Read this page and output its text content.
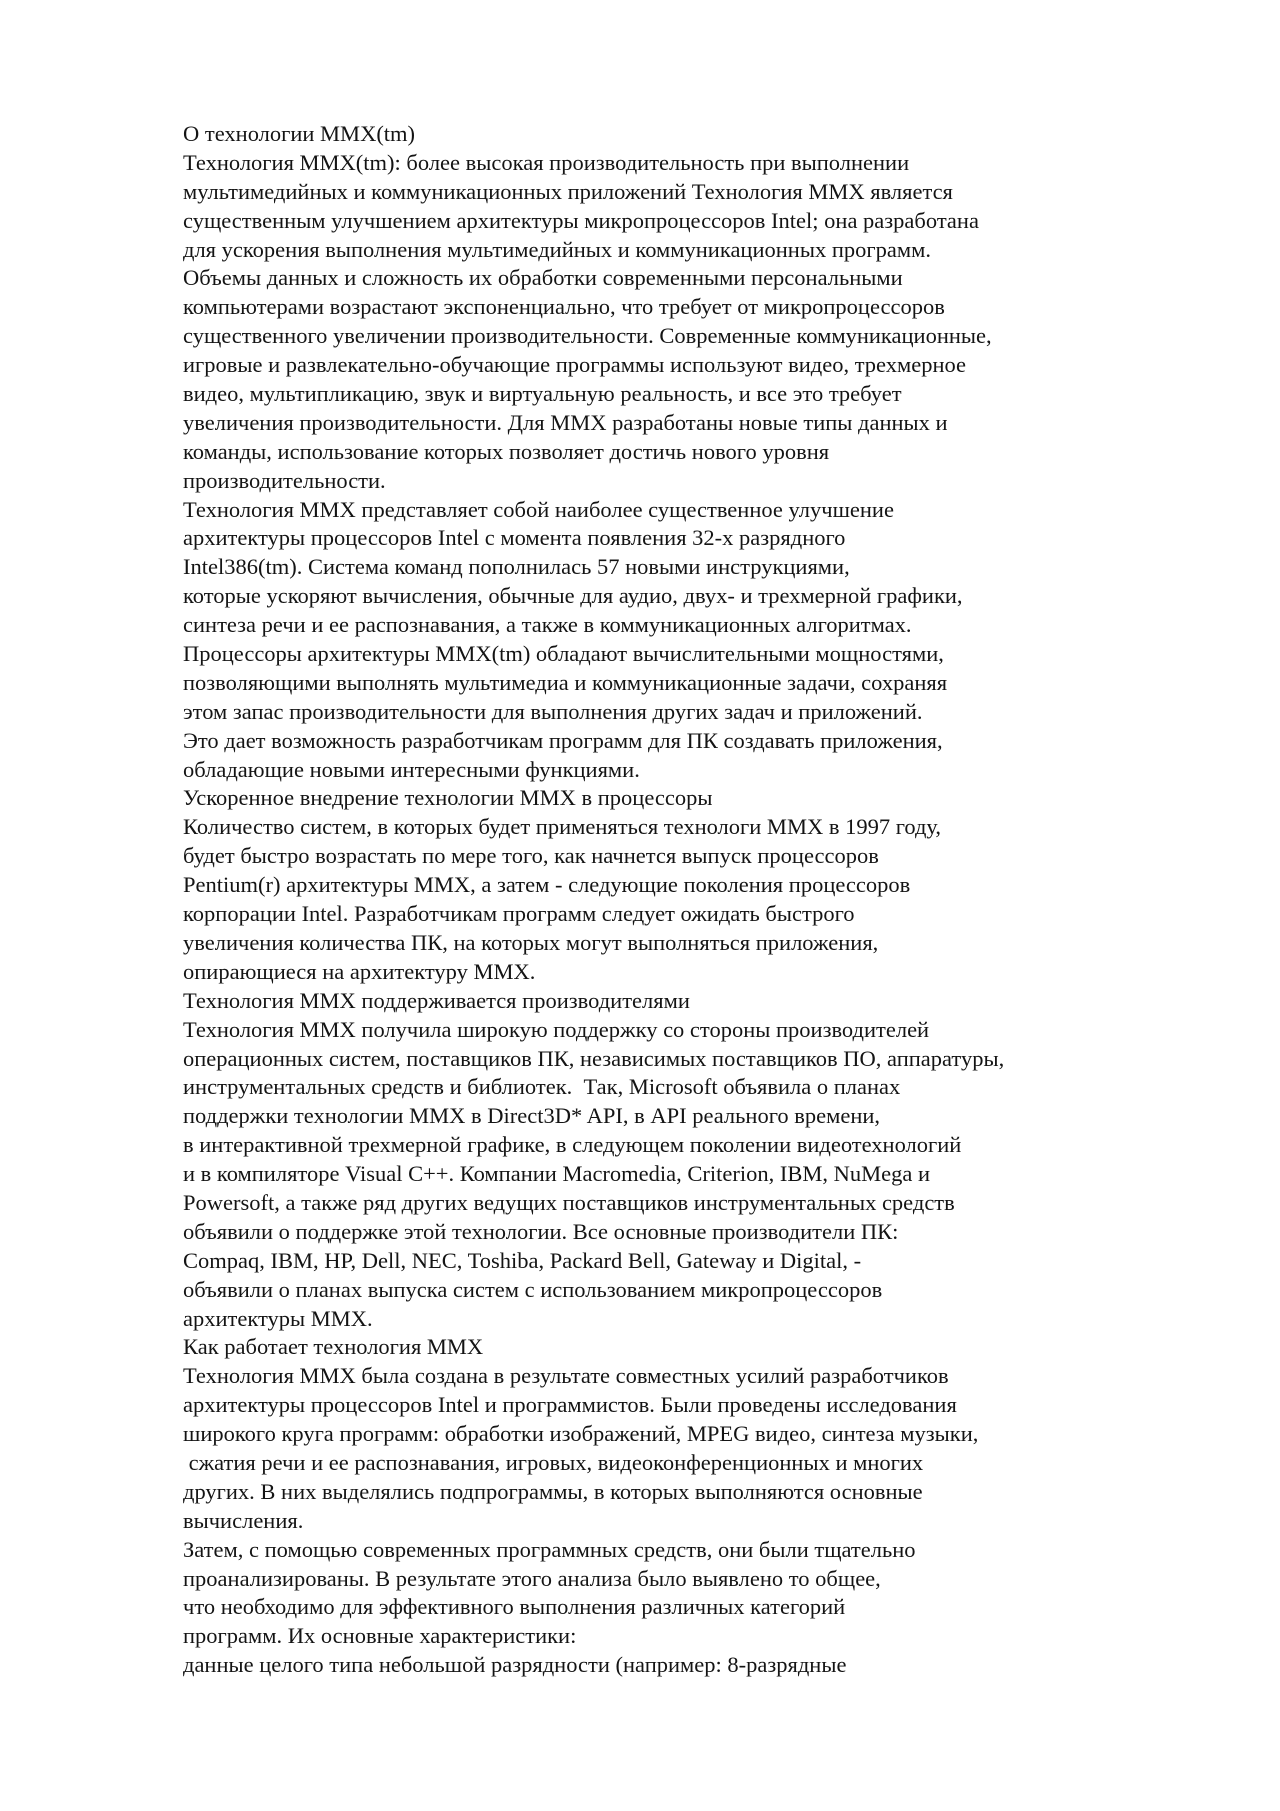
О технологии MMX(tm)
Технология MMX(tm): более высокая производительность при выполнении
мультимедийных и коммуникационных приложений Технология MMX является
существенным улучшением архитектуры микропроцессоров Intel; она разработана
для ускорения выполнения мультимедийных и коммуникационных программ.
Объемы данных и сложность их обработки современными персональными
компьютерами возрастают экспоненциально, что требует от микропроцессоров
существенного увеличении производительности. Современные коммуникационные,
игровые и развлекательно-обучающие программы используют видео, трехмерное
видео, мультипликацию, звук и виртуальную реальность, и все это требует
увеличения производительности. Для MMX разработаны новые типы данных и
команды, использование которых позволяет достичь нового уровня
производительности.
Технология MMX представляет собой наиболее существенное улучшение
архитектуры процессоров Intel с момента появления 32-х разрядного
Intel386(tm). Система команд пополнилась 57 новыми инструкциями,
которые ускоряют вычисления, обычные для аудио, двух- и трехмерной графики,
синтеза речи и ее распознавания, а также в коммуникационных алгоритмах.
Процессоры архитектуры MMX(tm) обладают вычислительными мощностями,
позволяющими выполнять мультимедиа и коммуникационные задачи, сохраняя
этом запас производительности для выполнения других задач и приложений.
Это дает возможность разработчикам программ для ПК создавать приложения,
обладающие новыми интересными функциями.
Ускоренное внедрение технологии MMX в процессоры
Количество систем, в которых будет применяться технологи MMX в 1997 году,
будет быстро возрастать по мере того, как начнется выпуск процессоров
Pentium(r) архитектуры MMX, а затем - следующие поколения процессоров
корпорации Intel. Разработчикам программ следует ожидать быстрого
увеличения количества ПК, на которых могут выполняться приложения,
опирающиеся на архитектуру MMX.
Технология MMX поддерживается производителями
Технология MMX получила широкую поддержку со стороны производителей
операционных систем, поставщиков ПК, независимых поставщиков ПО, аппаратуры,
инструментальных средств и библиотек.  Так, Microsoft объявила о планах
поддержки технологии MMX в Direct3D* API, в API реального времени,
в интерактивной трехмерной графике, в следующем поколении видеотехнологий
и в компиляторе Visual C++. Компании Macromedia, Criterion, IBM, NuMega и
Powersoft, а также ряд других ведущих поставщиков инструментальных средств
объявили о поддержке этой технологии. Все основные производители ПК:
Compaq, IBM, HP, Dell, NEC, Toshiba, Packard Bell, Gateway и Digital, -
объявили о планах выпуска систем с использованием микропроцессоров
архитектуры MMX.
Как работает технология MMX
Технология MMX была создана в результате совместных усилий разработчиков
архитектуры процессоров Intel и программистов. Были проведены исследования
широкого круга программ: обработки изображений, MPEG видео, синтеза музыки,
сжатия речи и ее распознавания, игровых, видеоконференционных и многих
других. В них выделялись подпрограммы, в которых выполняются основные
вычисления.
Затем, с помощью современных программных средств, они были тщательно
проанализированы. В результате этого анализа было выявлено то общее,
что необходимо для эффективного выполнения различных категорий
программ. Их основные характеристики:
данные целого типа небольшой разрядности (например: 8-разрядные
